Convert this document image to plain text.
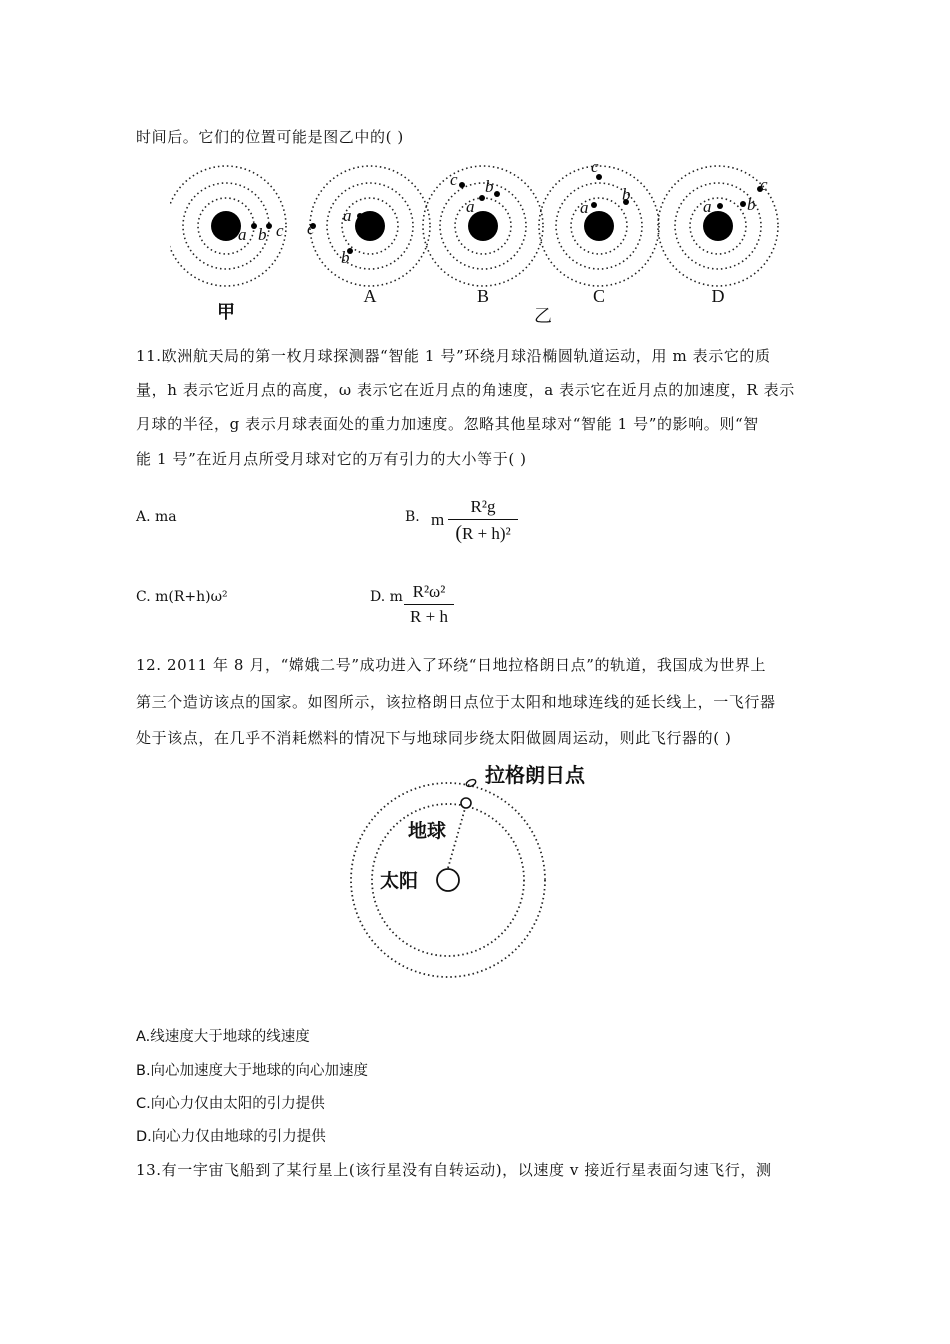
时间后。它们的位置可能是图乙中的( )
a b c
a
b
c
a
b
c
a
b
c
a b
c
甲
A	B
乙
C	D
11.欧洲航天局的第一枚月球探测器“智能 1 号”环绕月球沿椭圆轨道运动，用 m 表示它的质
量，h 表示它近月点的高度，ω 表示它在近月点的角速度，a 表示它在近月点的加速度，R 表示
月球的半径，g 表示月球表面处的重力加速度。忽略其他星球对“智能 1 号”的影响。则“智
能 1 号”在近月点所受月球对它的万有引力的大小等于( )
A. ma	B. m
R²g
(R + h)²
C. m(R+h)ω²	D. m R²ω²
R + h
12. 2011 年 8 月，“嫦娥二号”成功进入了环绕“日地拉格朗日点”的轨道，我国成为世界上
第三个造访该点的国家。如图所示，该拉格朗日点位于太阳和地球连线的延长线上，一飞行器
处于该点，在几乎不消耗燃料的情况下与地球同步绕太阳做圆周运动，则此飞行器的( )
拉格朗日点
地球
太阳
A.线速度大于地球的线速度
B.向心加速度大于地球的向心加速度
C.向心力仅由太阳的引力提供
D.向心力仅由地球的引力提供
13.有一宇宙飞船到了某行星上(该行星没有自转运动)，以速度 v 接近行星表面匀速飞行，测
